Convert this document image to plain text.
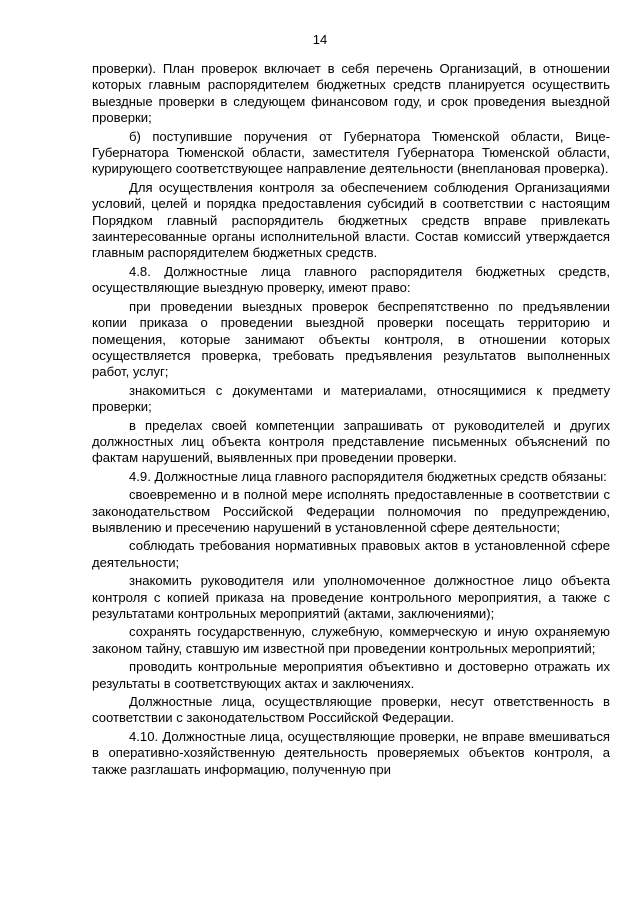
14

проверки). План проверок включает в себя перечень Организаций, в отношении которых главным распорядителем бюджетных средств планируется осуществить выездные проверки в следующем финансовом году, и срок проведения выездной проверки;

б) поступившие поручения от Губернатора Тюменской области, Вице-Губернатора Тюменской области, заместителя Губернатора Тюменской области, курирующего соответствующее направление деятельности (внеплановая проверка).

Для осуществления контроля за обеспечением соблюдения Организациями условий, целей и порядка предоставления субсидий в соответствии с настоящим Порядком главный распорядитель бюджетных средств вправе привлекать заинтересованные органы исполнительной власти. Состав комиссий утверждается главным распорядителем бюджетных средств.

4.8. Должностные лица главного распорядителя бюджетных средств, осуществляющие выездную проверку, имеют право:

при проведении выездных проверок беспрепятственно по предъявлении копии приказа о проведении выездной проверки посещать территорию и помещения, которые занимают объекты контроля, в отношении которых осуществляется проверка, требовать предъявления результатов выполненных работ, услуг;

знакомиться с документами и материалами, относящимися к предмету проверки;

в пределах своей компетенции запрашивать от руководителей и других должностных лиц объекта контроля представление письменных объяснений по фактам нарушений, выявленных при проведении проверки.

4.9. Должностные лица главного распорядителя бюджетных средств обязаны:

своевременно и в полной мере исполнять предоставленные в соответствии с законодательством Российской Федерации полномочия по предупреждению, выявлению и пресечению нарушений в установленной сфере деятельности;

соблюдать требования нормативных правовых актов в установленной сфере деятельности;

знакомить руководителя или уполномоченное должностное лицо объекта контроля с копией приказа на проведение контрольного мероприятия, а также с результатами контрольных мероприятий (актами, заключениями);

сохранять государственную, служебную, коммерческую и иную охраняемую законом тайну, ставшую им известной при проведении контрольных мероприятий;

проводить контрольные мероприятия объективно и достоверно отражать их результаты в соответствующих актах и заключениях.

Должностные лица, осуществляющие проверки, несут ответственность в соответствии с законодательством Российской Федерации.

4.10. Должностные лица, осуществляющие проверки, не вправе вмешиваться в оперативно-хозяйственную деятельность проверяемых объектов контроля, а также разглашать информацию, полученную при
